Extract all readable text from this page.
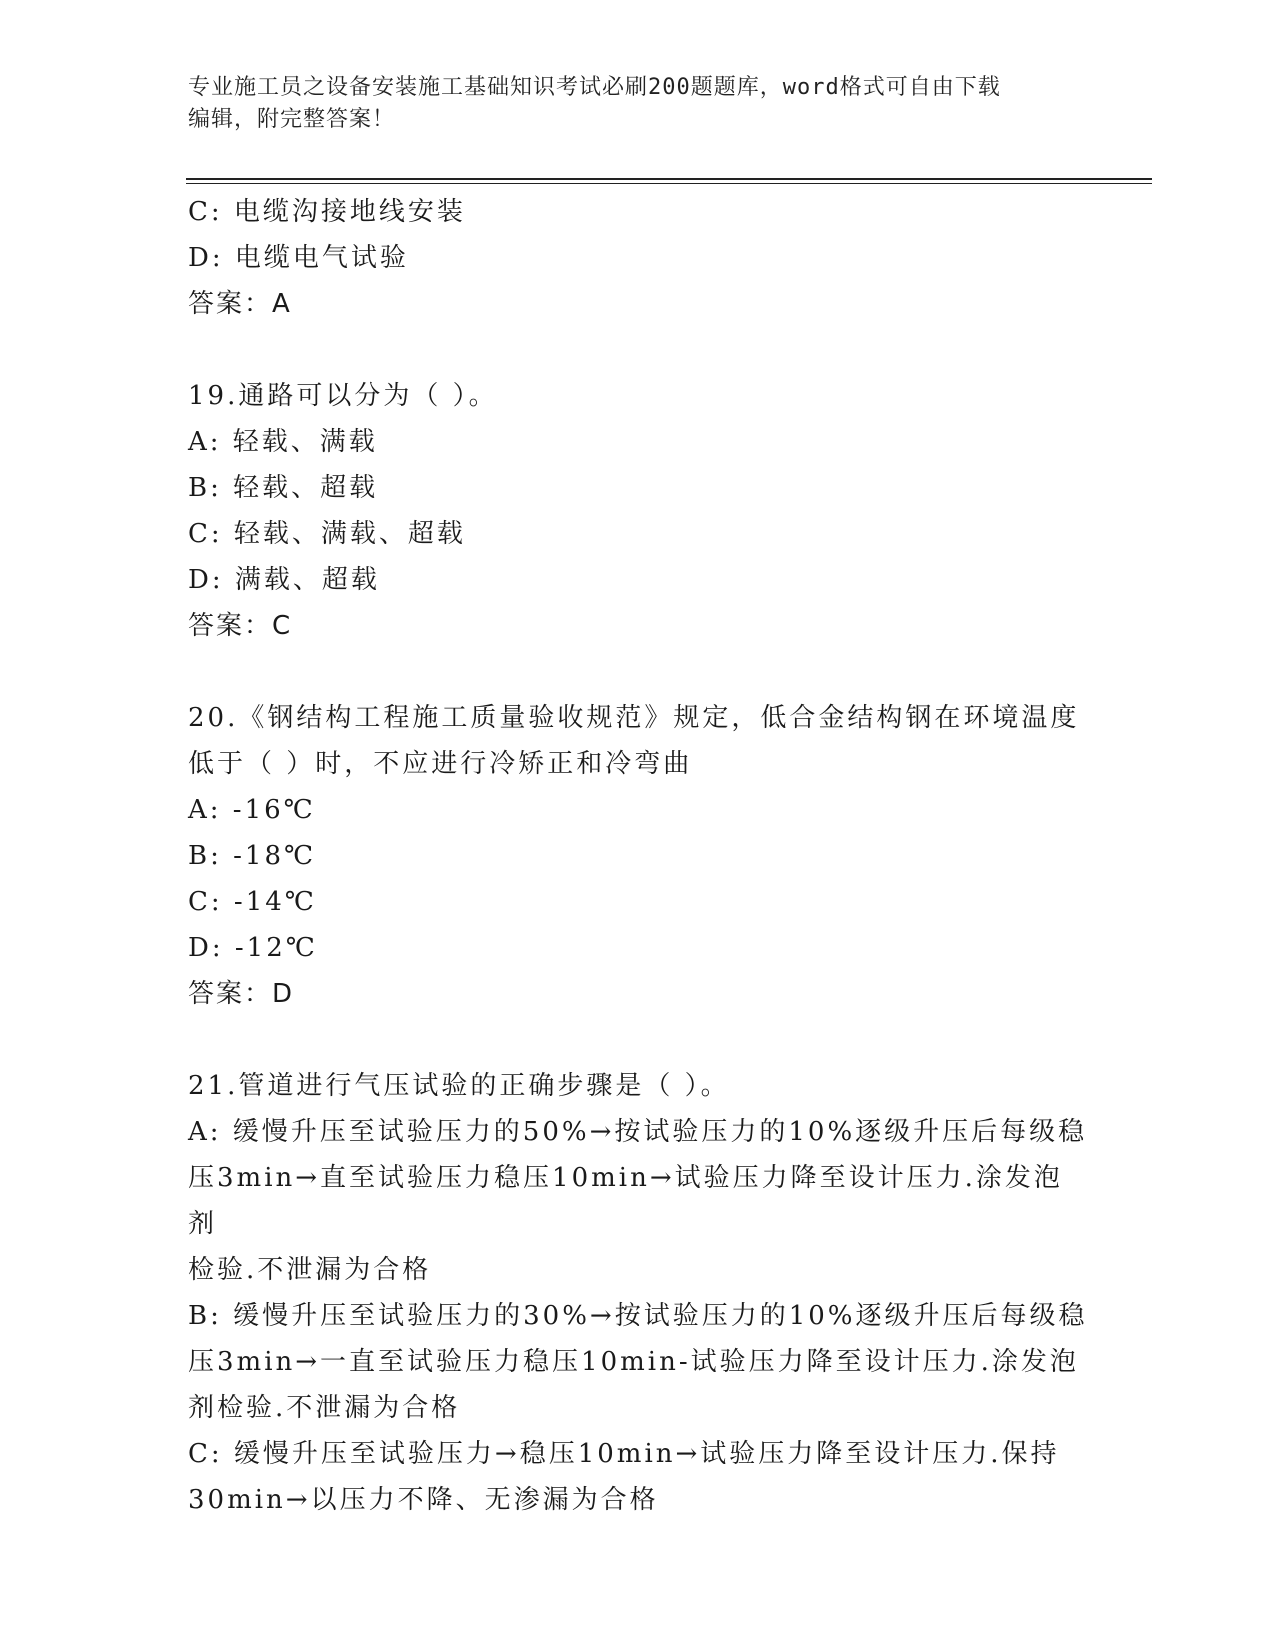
专业施工员之设备安装施工基础知识考试必刷200题题库，word格式可自由下载
编辑，附完整答案！
C: 电缆沟接地线安装
D: 电缆电气试验
答案：A
19.通路可以分为（ ）。
A: 轻载、满载
B: 轻载、超载
C: 轻载、满载、超载
D: 满载、超载
答案：C
20.《钢结构工程施工质量验收规范》规定，低合金结构钢在环境温度
低于（ ）时，不应进行冷矫正和冷弯曲
A: -16℃
B: -18℃
C: -14℃
D: -12℃
答案：D
21.管道进行气压试验的正确步骤是（ ）。
A: 缓慢升压至试验压力的50%→按试验压力的10%逐级升压后每级稳
压3min→直至试验压力稳压10min→试验压力降至设计压力.涂发泡剂
检验.不泄漏为合格
B: 缓慢升压至试验压力的30%→按试验压力的10%逐级升压后每级稳
压3min→一直至试验压力稳压10min-试验压力降至设计压力.涂发泡
剂检验.不泄漏为合格
C: 缓慢升压至试验压力→稳压10min→试验压力降至设计压力.保持
30min→以压力不降、无渗漏为合格
